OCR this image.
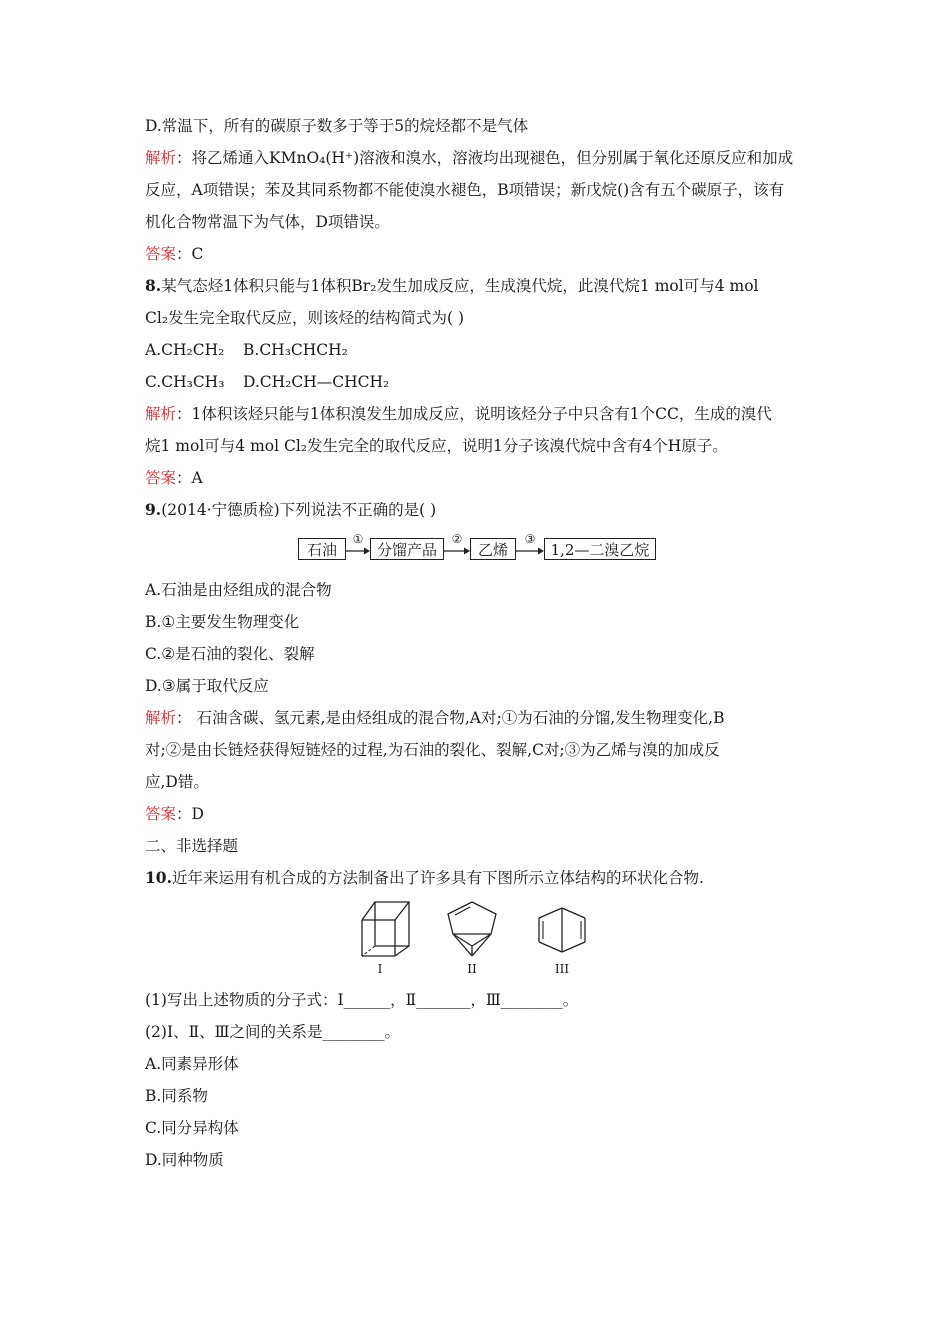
D.常温下，所有的碳原子数多于等于5的烷烃都不是气体
解析：将乙烯通入KMnO₄(H⁺)溶液和溴水，溶液均出现褪色，但分别属于氧化还原反应和加成
反应，A项错误；苯及其同系物都不能使溴水褪色，B项错误；新戊烷()含有五个碳原子，该有
机化合物常温下为气体，D项错误。
答案：C
8.某气态烃1体积只能与1体积Br₂发生加成反应，生成溴代烷，此溴代烷1 mol可与4 mol
Cl₂发生完全取代反应，则该烃的结构简式为( )
A.CH₂CH₂ B.CH₃CHCH₂
C.CH₃CH₃ D.CH₂CH—CHCH₂
解析：1体积该烃只能与1体积溴发生加成反应，说明该烃分子中只含有1个CC，生成的溴代
烷1 mol可与4 mol Cl₂发生完全的取代反应，说明1分子该溴代烷中含有4个H原子。
答案：A
9.(2014·宁德质检)下列说法不正确的是( )
石油
①
分馏产品
②
乙烯
③
1,2—二溴乙烷
A.石油是由烃组成的混合物
B.①主要发生物理变化
C.②是石油的裂化、裂解
D.③属于取代反应
解析： 石油含碳、氢元素,是由烃组成的混合物,A对;①为石油的分馏,发生物理变化,B
对;②是由长链烃获得短链烃的过程,为石油的裂化、裂解,C对;③为乙烯与溴的加成反
应,D错。
答案：D
二、非选择题
10.近年来运用有机合成的方法制备出了许多具有下图所示立体结构的环状化合物.
I	II	III
(1)写出上述物质的分子式：Ⅰ______，Ⅱ_______，Ⅲ________。
(2)Ⅰ、Ⅱ、Ⅲ之间的关系是________。
A.同素异形体
B.同系物
C.同分异构体
D.同种物质
